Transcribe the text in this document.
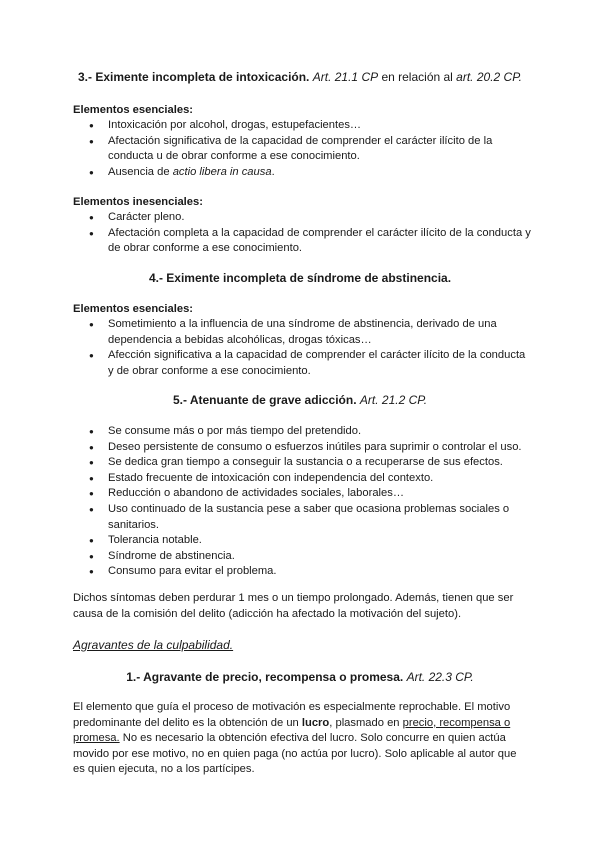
3.- Eximente incompleta de intoxicación. Art. 21.1 CP en relación al art. 20.2 CP.
Elementos esenciales:
● Intoxicación por alcohol, drogas, estupefacientes…
● Afectación significativa de la capacidad de comprender el carácter ilícito de la conducta u de obrar conforme a ese conocimiento.
● Ausencia de actio libera in causa.
Elementos inesenciales:
● Carácter pleno.
● Afectación completa a la capacidad de comprender el carácter ilícito de la conducta y de obrar conforme a ese conocimiento.
4.- Eximente incompleta de síndrome de abstinencia.
Elementos esenciales:
● Sometimiento a la influencia de una síndrome de abstinencia, derivado de una dependencia a bebidas alcohólicas, drogas tóxicas…
● Afección significativa a la capacidad de comprender el carácter ilícito de la conducta y de obrar conforme a ese conocimiento.
5.- Atenuante de grave adicción. Art. 21.2 CP.
● Se consume más o por más tiempo del pretendido.
● Deseo persistente de consumo o esfuerzos inútiles para suprimir o controlar el uso.
● Se dedica gran tiempo a conseguir la sustancia o a recuperarse de sus efectos.
● Estado frecuente de intoxicación con independencia del contexto.
● Reducción o abandono de actividades sociales, laborales…
● Uso continuado de la sustancia pese a saber que ocasiona problemas sociales o sanitarios.
● Tolerancia notable.
● Síndrome de abstinencia.
● Consumo para evitar el problema.
Dichos síntomas deben perdurar 1 mes o un tiempo prolongado. Además, tienen que ser causa de la comisión del delito (adicción ha afectado la motivación del sujeto).
Agravantes de la culpabilidad.
1.- Agravante de precio, recompensa o promesa. Art. 22.3 CP.
El elemento que guía el proceso de motivación es especialmente reprochable. El motivo predominante del delito es la obtención de un lucro, plasmado en precio, recompensa o promesa. No es necesario la obtención efectiva del lucro. Solo concurre en quien actúa movido por ese motivo, no en quien paga (no actúa por lucro). Solo aplicable al autor que es quien ejecuta, no a los partícipes.
